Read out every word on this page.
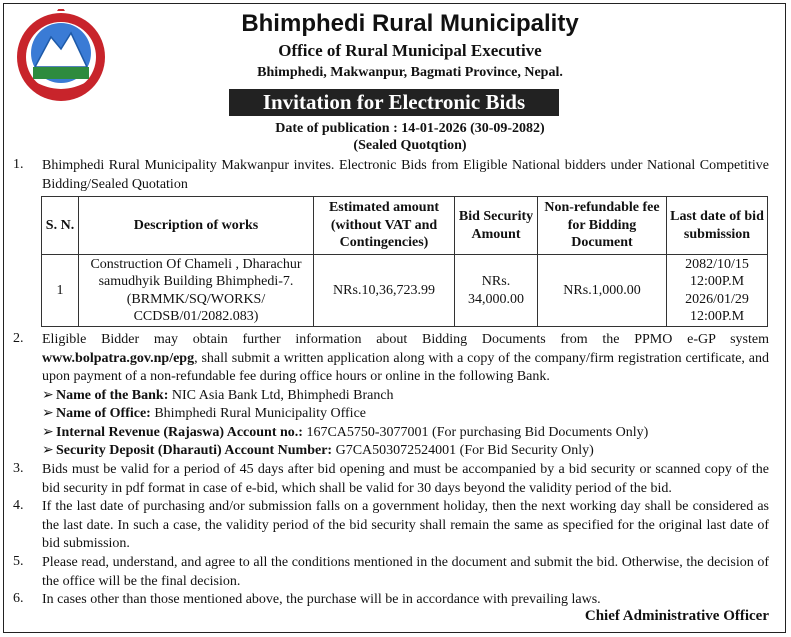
Bhimphedi Rural Municipality
Office of Rural Municipal Executive
Bhimphedi, Makwanpur, Bagmati Province, Nepal.
Invitation for Electronic Bids
Date of publication : 14-01-2026 (30-09-2082)
(Sealed Quotqtion)
1. Bhimphedi Rural Municipality Makwanpur invites. Electronic Bids from Eligible National bidders under National Competitive Bidding/Sealed Quotation
S. N.	Description of works	Estimated amount (without VAT and Contingencies)	Bid Security Amount	Non-refundable fee for Bidding Document	Last date of bid submission
1	Construction Of Chameli , Dharachur samudhyik Building Bhimphedi-7. (BRMMK/SQ/WORKS/ CCDSB/01/2082.083)	NRs.10,36,723.99	NRs. 34,000.00	NRs.1,000.00	2082/10/15
12:00P.M
2026/01/29
12:00P.M
2. Eligible Bidder may obtain further information about Bidding Documents from the PPMO e-GP system www.bolpatra.gov.np/epg, shall submit a written application along with a copy of the company/firm registration certificate, and upon payment of a non-refundable fee during office hours or online in the following Bank.
➢ Name of the Bank: NIC Asia Bank Ltd, Bhimphedi Branch
➢ Name of Office: Bhimphedi Rural Municipality Office
➢ Internal Revenue (Rajaswa) Account no.: 167CA5750-3077001 (For purchasing Bid Documents Only)
➢ Security Deposit (Dharauti) Account Number: G7CA503072524001 (For Bid Security Only)
3. Bids must be valid for a period of 45 days after bid opening and must be accompanied by a bid security or scanned copy of the bid security in pdf format in case of e-bid, which shall be valid for 30 days beyond the validity period of the bid.
4. If the last date of purchasing and/or submission falls on a government holiday, then the next working day shall be considered as the last date. In such a case, the validity period of the bid security shall remain the same as specified for the original last date of bid submission.
5. Please read, understand, and agree to all the conditions mentioned in the document and submit the bid. Otherwise, the decision of the office will be the final decision.
6. In cases other than those mentioned above, the purchase will be in accordance with prevailing laws.
Chief Administrative Officer
